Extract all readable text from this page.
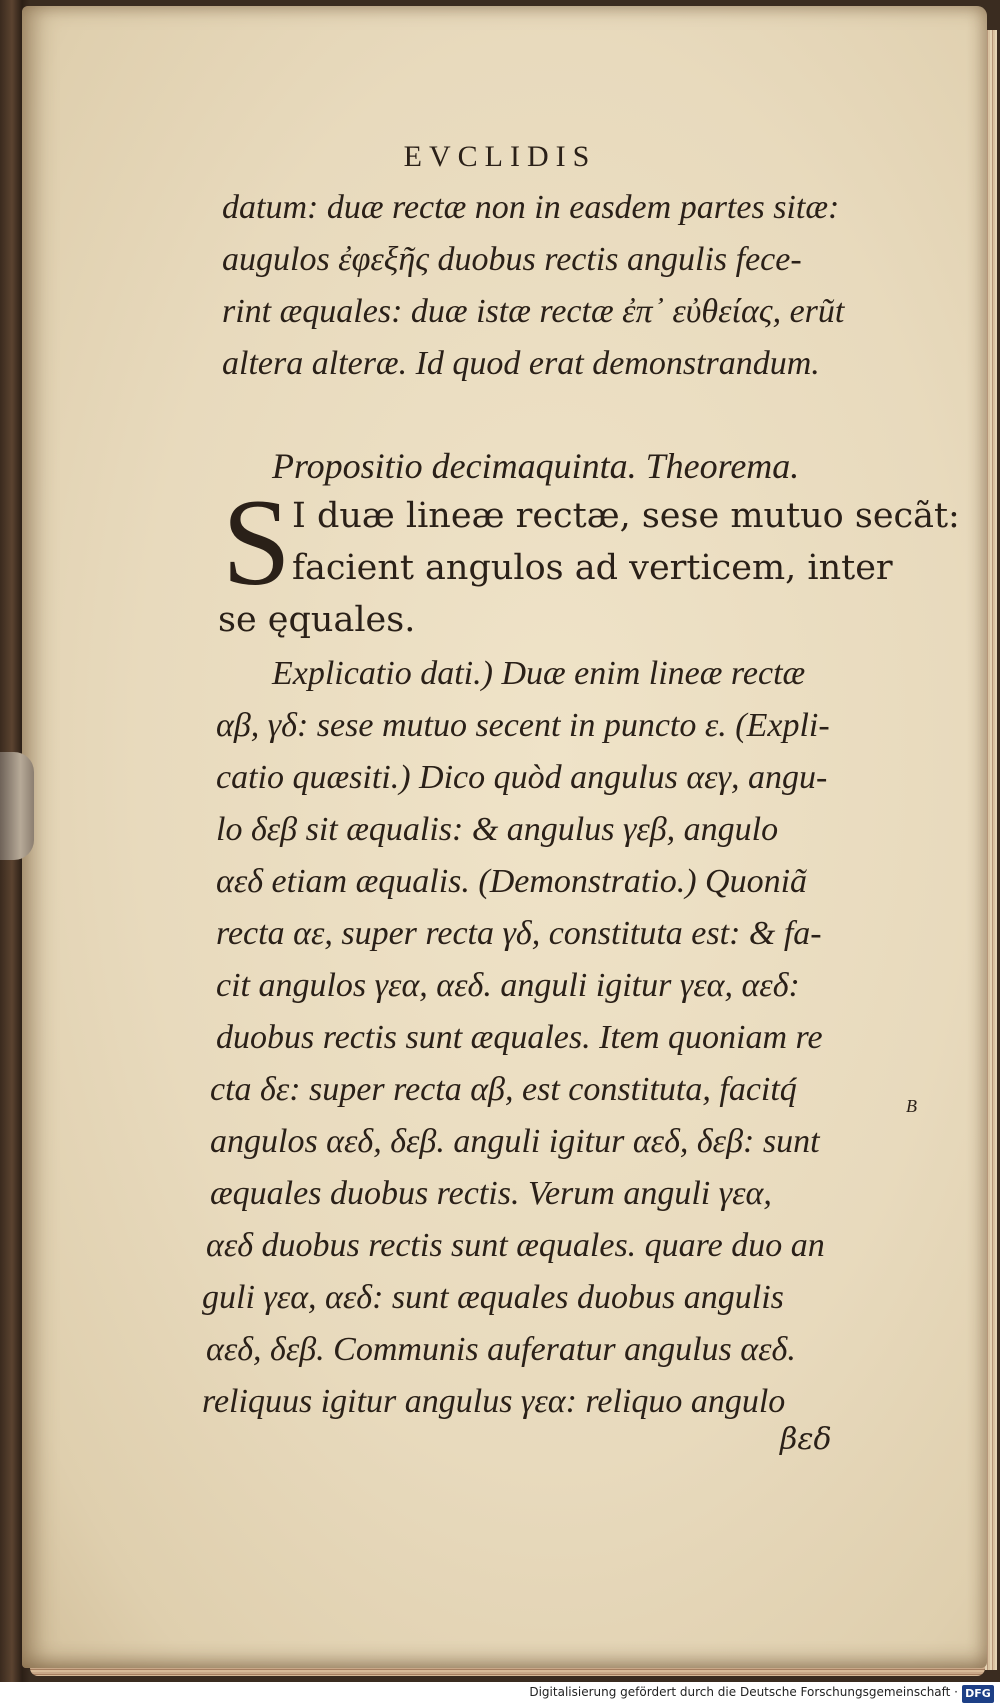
EVCLIDIS
datum: duæ rectæ non in easdem partes sitæ:
augulos ἐφεξῆς duobus rectis angulis fece-
rint æquales: duæ istæ rectæ ἐπ᾽ εὐθείας, erũt
altera alteræ. Id quod erat demonstrandum.
Propositio decimaquinta. Theorema.
S I duæ lineæ rectæ, sese mutuo secãt:
facient angulos ad verticem, inter
se ęquales.
Explicatio dati.) Duæ enim lineæ rectæ
αβ, γδ: sese mutuo secent in puncto ε. (Expli-
catio quæsiti.) Dico quòd angulus αεγ, angu-
lo δεβ sit æqualis: & angulus γεβ, angulo
αεδ etiam æqualis. (Demonstratio.) Quoniã
recta αε, super recta γδ, constituta est: & fa-
cit angulos γεα, αεδ. anguli igitur γεα, αεδ:
duobus rectis sunt æquales. Item quoniam re
cta δε: super recta αβ, est constituta, facitq́
angulos αεδ, δεβ. anguli igitur αεδ, δεβ: sunt
æquales duobus rectis. Verum anguli γεα,
αεδ duobus rectis sunt æquales. quare duo an
guli γεα, αεδ: sunt æquales duobus angulis
αεδ, δεβ. Communis auferatur angulus αεδ.
reliquus igitur angulus γεα: reliquo angulo
βεδ
B
Digitalisierung gefördert durch die Deutsche Forschungsgemeinschaft · DFG
